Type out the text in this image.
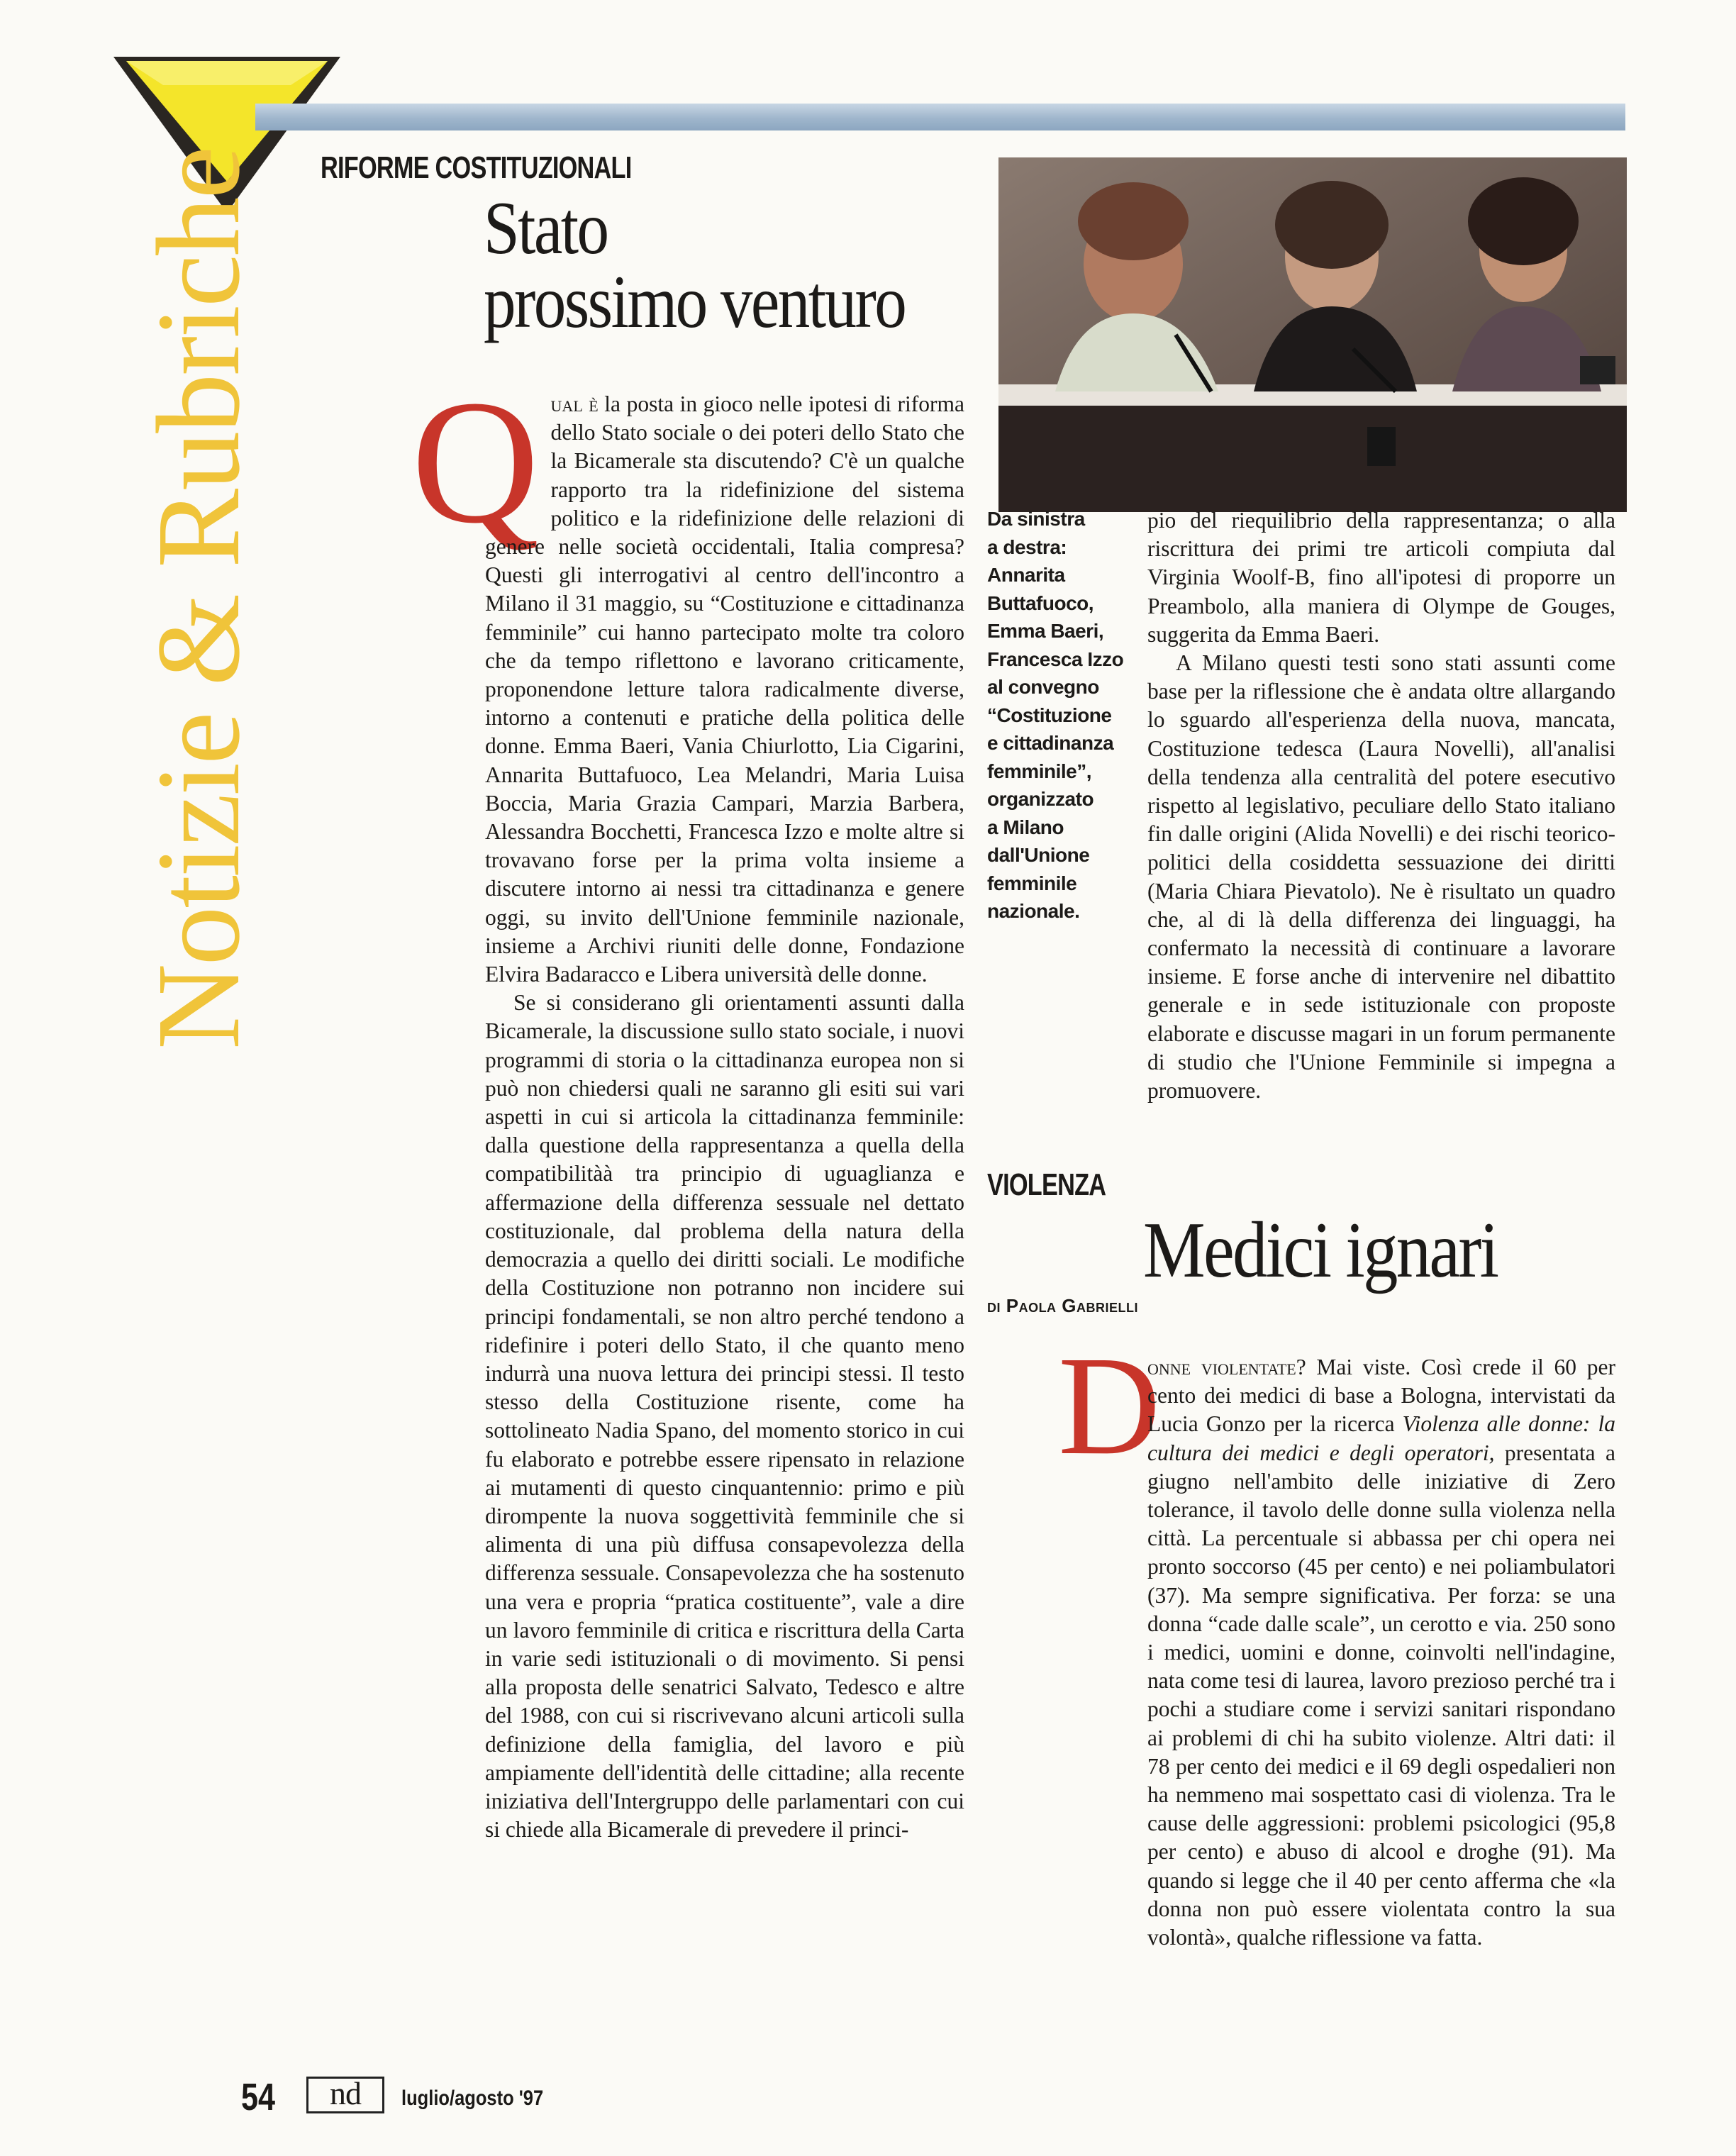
Notizie & Rubriche RIFORME COSTITUZIONALI
Stato
prossimo venturo

Qual è la posta in gioco nelle ipotesi di riforma dello Stato sociale o dei poteri dello Stato che la Bicamerale sta discutendo? C'è un qualche rapporto tra la ridefinizione del sistema politico e la ridefinizione delle relazioni di genere nelle società occidentali, Italia compresa? Questi gli interrogativi al centro dell'incontro a Milano il 31 maggio, su “Costituzione e cittadinanza femminile” cui hanno partecipato molte tra coloro che da tempo riflettono e lavorano criticamente, proponendone letture talora radicalmente diverse, intorno a contenuti e pratiche della politica delle donne. Emma Baeri, Vania Chiurlotto, Lia Cigarini, Annarita Buttafuoco, Lea Melandri, Maria Luisa Boccia, Maria Grazia Campari, Marzia Barbera, Alessandra Bocchetti, Francesca Izzo e molte altre si trovavano forse per la prima volta insieme a discutere intorno ai nessi tra cittadinanza e genere oggi, su invito dell'Unione femminile nazionale, insieme a Archivi riuniti delle donne, Fondazione Elvira Badaracco e Libera università delle donne.

Se si considerano gli orientamenti assunti dalla Bicamerale, la discussione sullo stato sociale, i nuovi programmi di storia o la cittadinanza europea non si può non chiedersi quali ne saranno gli esiti sui vari aspetti in cui si articola la cittadinanza femminile: dalla questione della rappresentanza a quella della compatibilitàà tra principio di uguaglianza e affermazione della differenza sessuale nel dettato costituzionale, dal problema della natura della democrazia a quello dei diritti sociali. Le modifiche della Costituzione non potranno non incidere sui principi fondamentali, se non altro perché tendono a ridefinire i poteri dello Stato, il che quanto meno indurrà una nuova lettura dei principi stessi. Il testo stesso della Costituzione risente, come ha sottolineato Nadia Spano, del momento storico in cui fu elaborato e potrebbe essere ripensato in relazione ai mutamenti di questo cinquantennio: primo e più dirompente la nuova soggettività femminile che si alimenta di una più diffusa consapevolezza della differenza sessuale. Consapevolezza che ha sostenuto una vera e propria “pratica costituente”, vale a dire un lavoro femminile di critica e riscrittura della Carta in varie sedi istituzionali o di movimento. Si pensi alla proposta delle senatrici Salvato, Tedesco e altre del 1988, con cui si riscrivevano alcuni articoli sulla definizione della famiglia, del lavoro e più ampiamente dell'identità delle cittadine; alla recente iniziativa dell'Intergruppo delle parlamentari con cui si chiede alla Bicamerale di prevedere il princi-

Da sinistra
a destra:
Annarita
Buttafuoco,
Emma Baeri,
Francesca Izzo
al convegno
“Costituzione
e cittadinanza
femminile”,
organizzato
a Milano
dall'Unione
femminile
nazionale.

pio del riequilibrio della rappresentanza; o alla riscrittura dei primi tre articoli compiuta dal Virginia Woolf-B, fino all'ipotesi di proporre un Preambolo, alla maniera di Olympe de Gouges, suggerita da Emma Baeri.

A Milano questi testi sono stati assunti come base per la riflessione che è andata oltre allargando lo sguardo all'esperienza della nuova, mancata, Costituzione tedesca (Laura Novelli), all'analisi della tendenza alla centralità del potere esecutivo rispetto al legislativo, peculiare dello Stato italiano fin dalle origini (Alida Novelli) e dei rischi teorico-politici della cosiddetta sessuazione dei diritti (Maria Chiara Pievatolo). Ne è risultato un quadro che, al di là della differenza dei linguaggi, ha confermato la necessità di continuare a lavorare insieme. E forse anche di intervenire nel dibattito generale e in sede istituzionale con proposte elaborate e discusse magari in un forum permanente di studio che l'Unione Femminile si impegna a promuovere.

VIOLENZA
Medici ignari
di Paola Gabrielli
D

onne violentate? Mai viste. Così crede il 60 per cento dei medici di base a Bologna, intervistati da Lucia Gonzo per la ricerca Violenza alle donne: la cultura dei medici e degli operatori, presentata a giugno nell'ambito delle iniziative di Zero tolerance, il tavolo delle donne sulla violenza nella città. La percentuale si abbassa per chi opera nei pronto soccorso (45 per cento) e nei poliambulatori (37). Ma sempre significativa. Per forza: se una donna “cade dalle scale”, un cerotto e via. 250 sono i medici, uomini e donne, coinvolti nell'indagine, nata come tesi di laurea, lavoro prezioso perché tra i pochi a studiare come i servizi sanitari rispondano ai problemi di chi ha subito violenze. Altri dati: il 78 per cento dei medici e il 69 degli ospedalieri non ha nemmeno mai sospettato casi di violenza. Tra le cause delle aggressioni: problemi psicologici (95,8 per cento) e abuso di alcool e droghe (91). Ma quando si legge che il 40 per cento afferma che «la donna non può essere violentata contro la sua volontà», qualche riflessione va fatta.

54	nd	luglio/agosto '97
